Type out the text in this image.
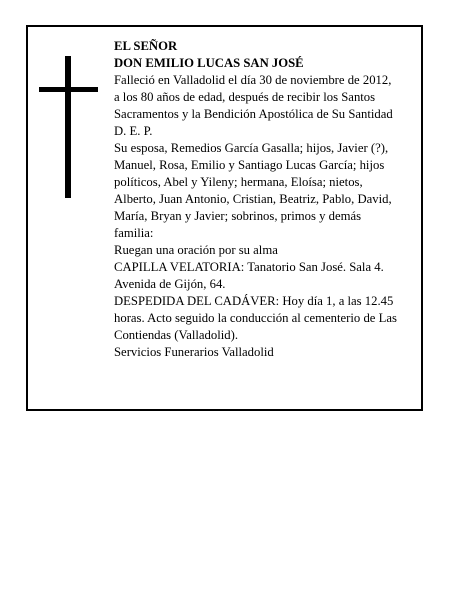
EL SEÑOR
DON EMILIO LUCAS SAN JOSÉ
Falleció en Valladolid el día 30 de noviembre de 2012,
a los 80 años de edad, después de recibir los Santos
Sacramentos y la Bendición Apostólica de Su Santidad
D. E. P.
Su esposa, Remedios García Gasalla; hijos, Javier (?),
Manuel, Rosa, Emilio y Santiago Lucas García; hijos
políticos, Abel y Yileny; hermana, Eloísa; nietos,
Alberto, Juan Antonio, Cristian, Beatriz, Pablo, David,
María, Bryan y Javier; sobrinos, primos y demás
familia:
Ruegan una oración por su alma
CAPILLA VELATORIA: Tanatorio San José. Sala 4.
Avenida de Gijón, 64.
DESPEDIDA DEL CADÁVER: Hoy día 1, a las 12.45
horas. Acto seguido la conducción al cementerio de Las
Contiendas (Valladolid).
Servicios Funerarios Valladolid
